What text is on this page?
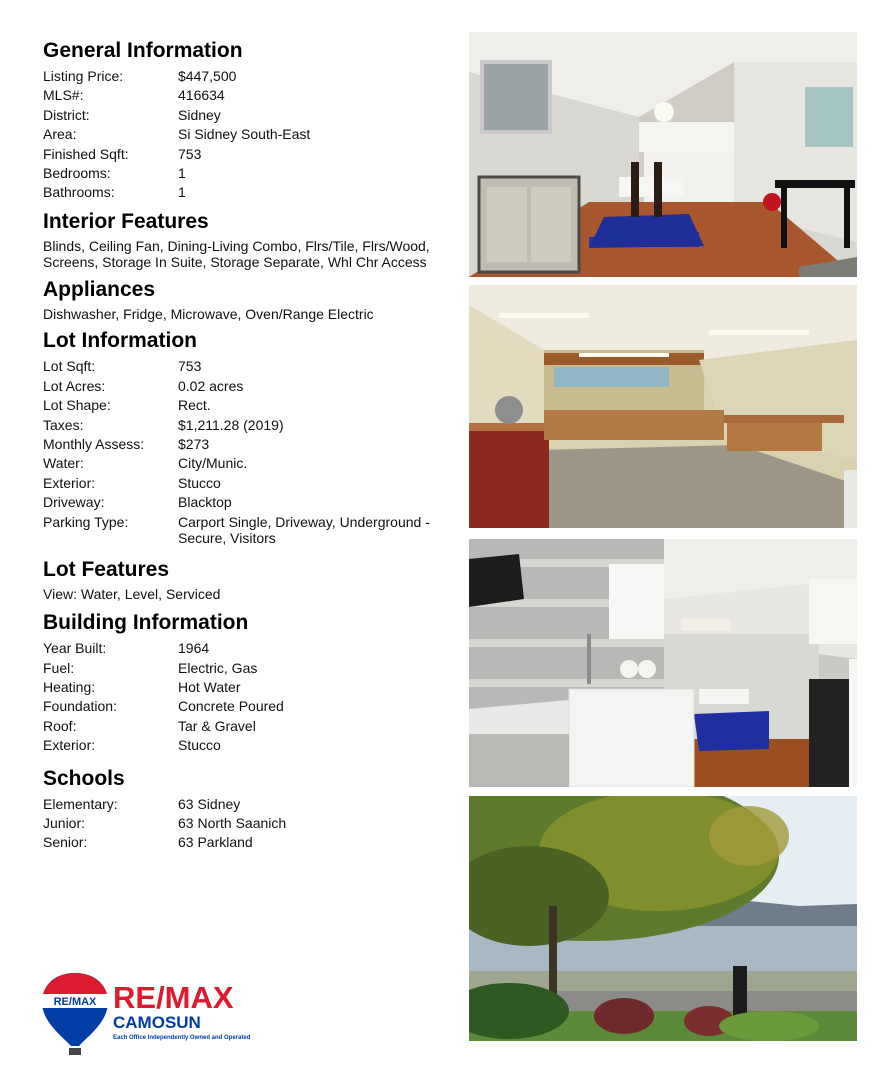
General Information
Listing Price:	$447,500
MLS#:	416634
District:	Sidney
Area:	Si Sidney South-East
Finished Sqft:	753
Bedrooms:	1
Bathrooms:	1
Interior Features

Blinds, Ceiling Fan, Dining-Living Combo, Flrs/Tile, Flrs/Wood, Screens, Storage In Suite, Storage Separate, Whl Chr Access

Appliances

Dishwasher, Fridge, Microwave, Oven/Range Electric

Lot Information
Lot Sqft:	753
Lot Acres:	0.02 acres
Lot Shape:	Rect.
Taxes:	$1,211.28 (2019)
Monthly Assess:	$273
Water:	City/Munic.
Exterior:	Stucco
Driveway:	Blacktop
Parking Type:	Carport Single, Driveway, Underground - Secure, Visitors
Lot Features

View: Water, Level, Serviced

Building Information
Year Built:	1964
Fuel:	Electric, Gas
Heating:	Hot Water
Foundation:	Concrete Poured
Roof:	Tar & Gravel
Exterior:	Stucco
Schools
Elementary:	63 Sidney
Junior:	63 North Saanich
Senior:	63 Parkland
RE/MAX RE/MAX
CAMOSUN
Each Office Independently Owned and Operated
